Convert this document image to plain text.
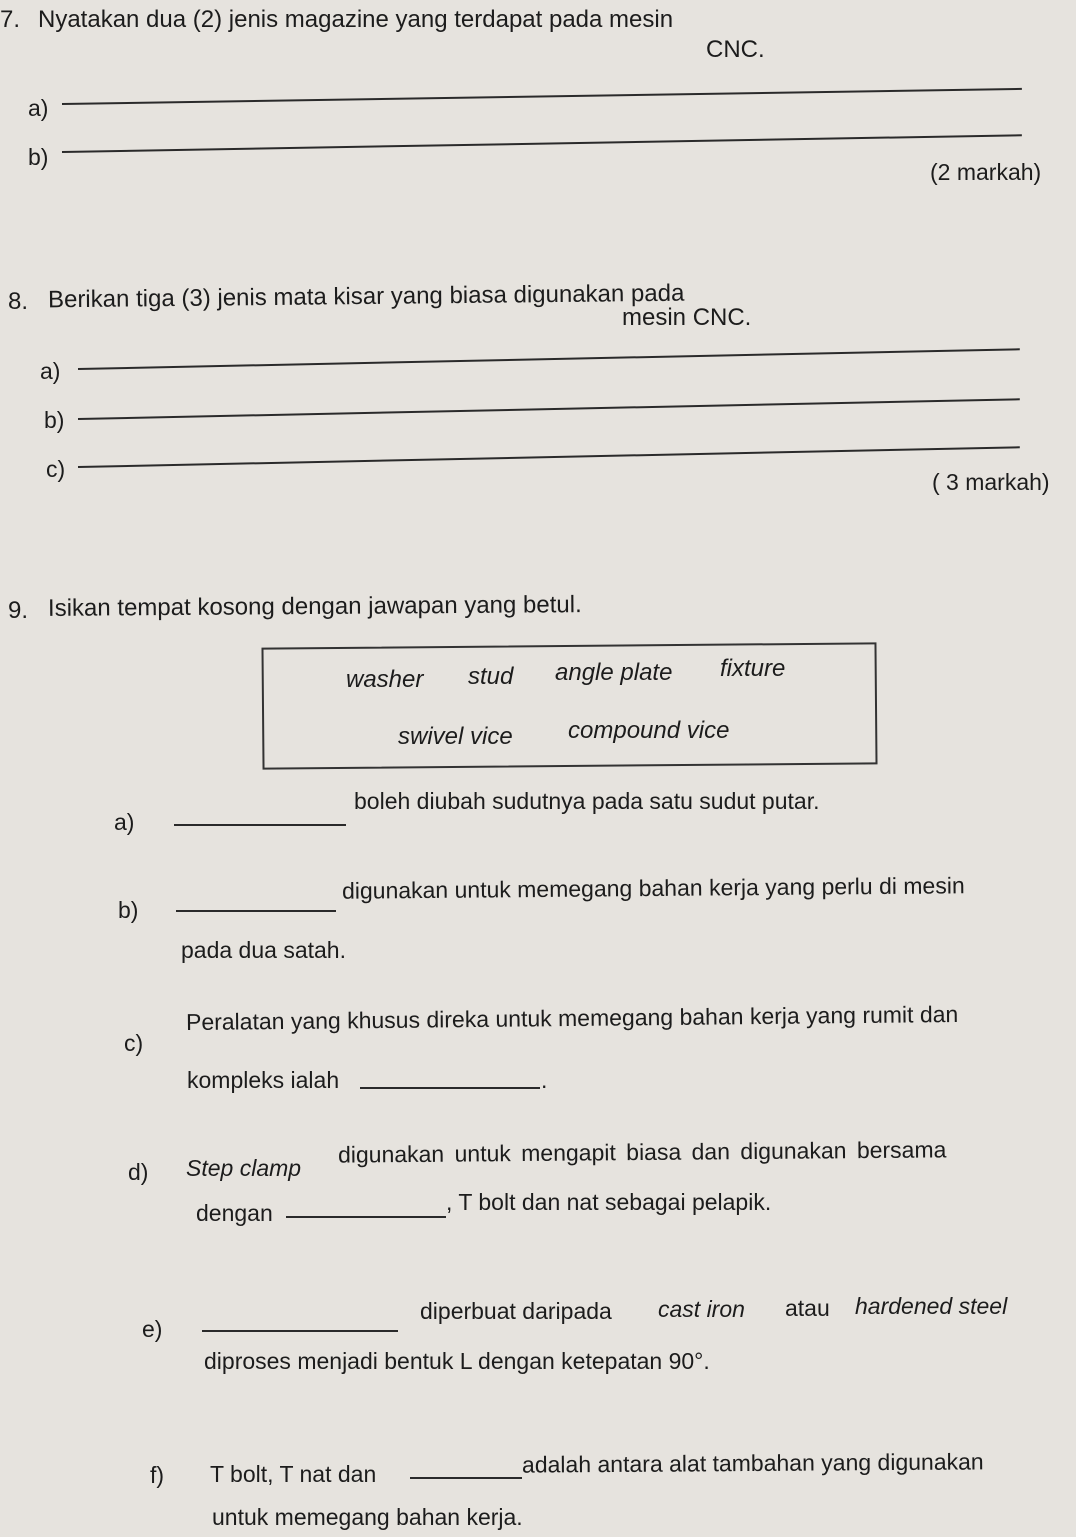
7. Nyatakan dua (2) jenis magazine yang terdapat pada mesin
CNC.
a)
b)
(2 markah)
8. Berikan tiga (3) jenis mata kisar yang biasa digunakan pada
mesin CNC.
a)
b)
c)	( 3 markah)
9. Isikan tempat kosong dengan jawapan yang betul.
washer stud angle plate fixture
swivel vice compound vice
a)
boleh diubah sudutnya pada satu sudut putar.
b)
digunakan untuk memegang bahan kerja yang perlu di mesin
pada dua satah.
c)
Peralatan yang khusus direka untuk memegang bahan kerja yang rumit dan
kompleks ialah	.
d) Step clamp
digunakan untuk mengapit biasa dan digunakan bersama
dengan	, T bolt dan nat sebagai pelapik.
e)
diperbuat daripada cast iron atau hardened steel
diproses menjadi bentuk L dengan ketepatan 90°.
f) T bolt, T nat dan	adalah antara alat tambahan yang digunakan
untuk memegang bahan kerja.
